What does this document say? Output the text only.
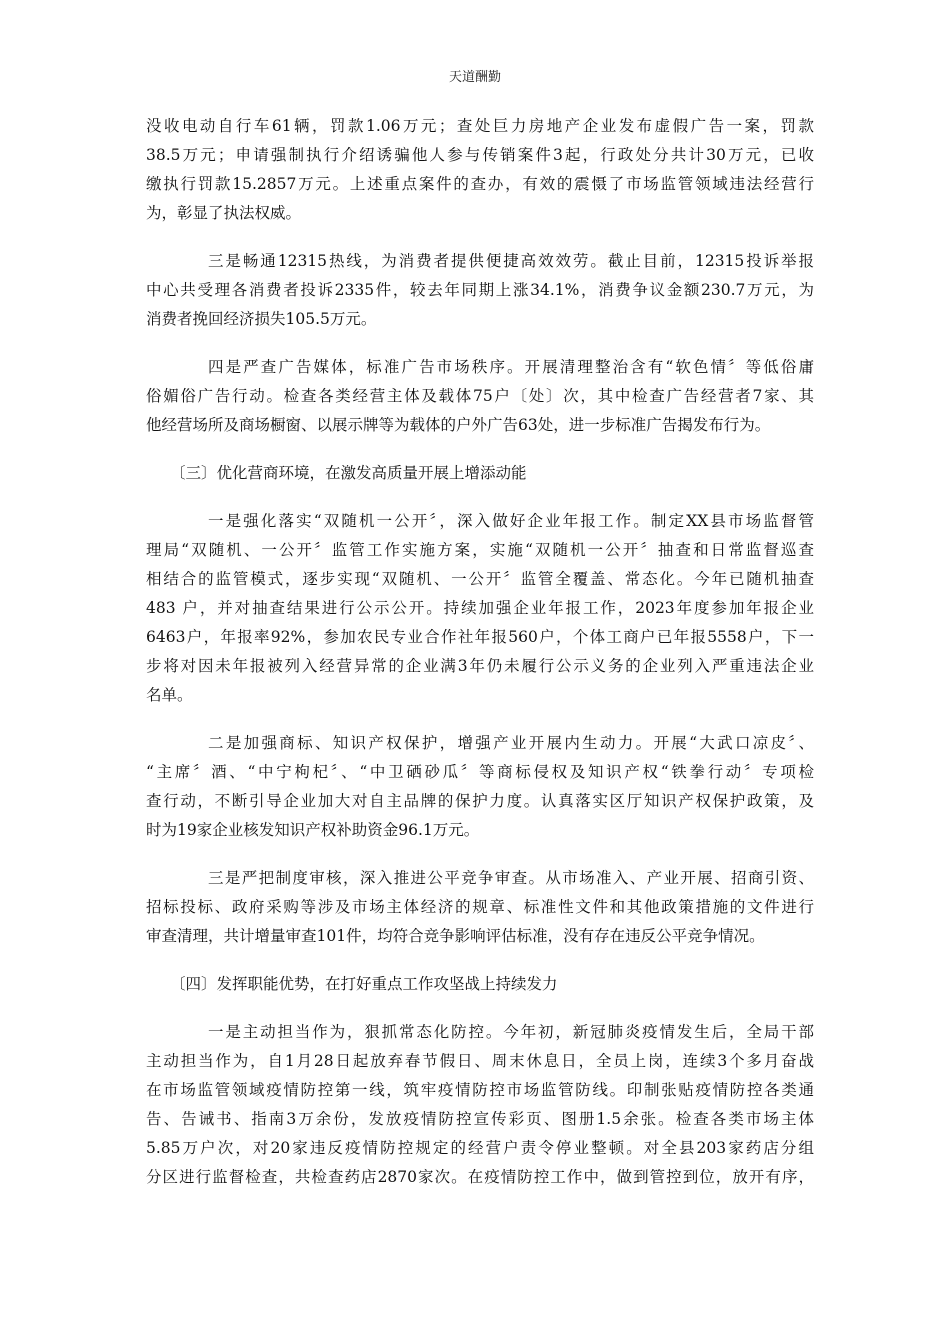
天道酬勤
没收电动自行车61辆，罚款1.06万元；查处巨力房地产企业发布虚假广告一案，罚款
38.5万元；申请强制执行介绍诱骗他人参与传销案件3起，行政处分共计30万元，已收
缴执行罚款15.2857万元。上述重点案件的查办，有效的震慑了市场监管领域违法经营行
为，彰显了执法权威。
三是畅通12315热线，为消费者提供便捷高效效劳。截止目前，12315投诉举报
中心共受理各消费者投诉2335件，较去年同期上涨34.1%，消费争议金额230.7万元，为
消费者挽回经济损失105.5万元。
四是严查广告媒体，标准广告市场秩序。开展清理整治含有“软色情〞等低俗庸
俗媚俗广告行动。检查各类经营主体及载体75户〔处〕次，其中检查广告经营者7家、其
他经营场所及商场橱窗、以展示牌等为载体的户外广告63处，进一步标准广告揭发布行为。
〔三〕优化营商环境，在激发高质量开展上增添动能
一是强化落实“双随机一公开〞，深入做好企业年报工作。制定XX县市场监督管
理局“双随机、一公开〞监管工作实施方案，实施“双随机一公开〞抽查和日常监督巡查
相结合的监管模式，逐步实现“双随机、一公开〞监管全覆盖、常态化。今年已随机抽查
483 户，并对抽查结果进行公示公开。持续加强企业年报工作，2023年度参加年报企业
6463户，年报率92%，参加农民专业合作社年报560户，个体工商户已年报5558户，下一
步将对因未年报被列入经营异常的企业满3年仍未履行公示义务的企业列入严重违法企业
名单。
二是加强商标、知识产权保护，增强产业开展内生动力。开展“大武口凉皮〞、
“主席〞酒、“中宁枸杞〞、“中卫硒砂瓜〞等商标侵权及知识产权“铁拳行动〞专项检
查行动，不断引导企业加大对自主品牌的保护力度。认真落实区厅知识产权保护政策，及
时为19家企业核发知识产权补助资金96.1万元。
三是严把制度审核，深入推进公平竞争审查。从市场准入、产业开展、招商引资、
招标投标、政府采购等涉及市场主体经济的规章、标准性文件和其他政策措施的文件进行
审查清理，共计增量审查101件，均符合竞争影响评估标准，没有存在违反公平竞争情况。
〔四〕发挥职能优势，在打好重点工作攻坚战上持续发力
一是主动担当作为，狠抓常态化防控。今年初，新冠肺炎疫情发生后，全局干部
主动担当作为，自1月28日起放弃春节假日、周末休息日，全员上岗，连续3个多月奋战
在市场监管领域疫情防控第一线，筑牢疫情防控市场监管防线。印制张贴疫情防控各类通
告、告诫书、指南3万余份，发放疫情防控宣传彩页、图册1.5余张。检查各类市场主体
5.85万户次，对20家违反疫情防控规定的经营户责令停业整顿。对全县203家药店分组
分区进行监督检查，共检查药店2870家次。在疫情防控工作中，做到管控到位，放开有序，
